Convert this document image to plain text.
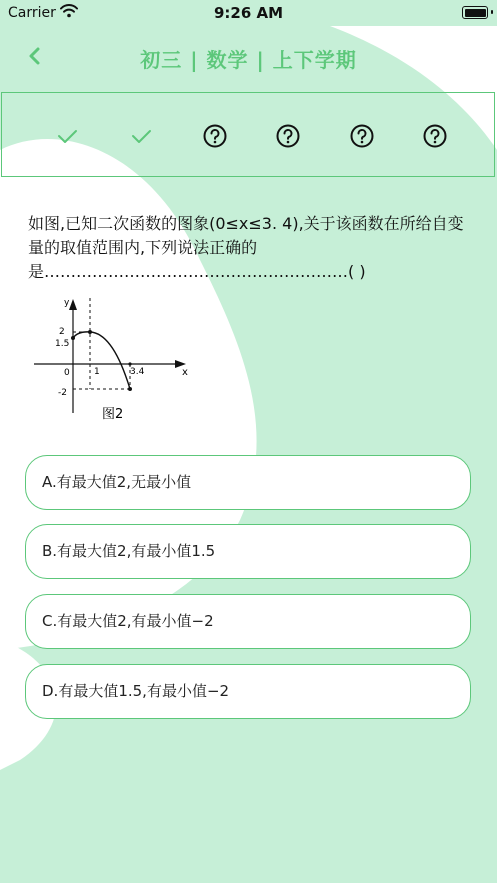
Carrier	9:26 AM
初三 | 数学 | 上下学期
如图,已知二次函数的图象(0≤x≤3. 4),关于该函数在所给自变量的取值范围内,下列说法正确的是…………………………………………………( )
y
x
0
2
1.5
-2
1	3.4
图2
A.有最大值2,无最小值
B.有最大值2,有最小值1.5
C.有最大值2,有最小值−2
D.有最大值1.5,有最小值−2
